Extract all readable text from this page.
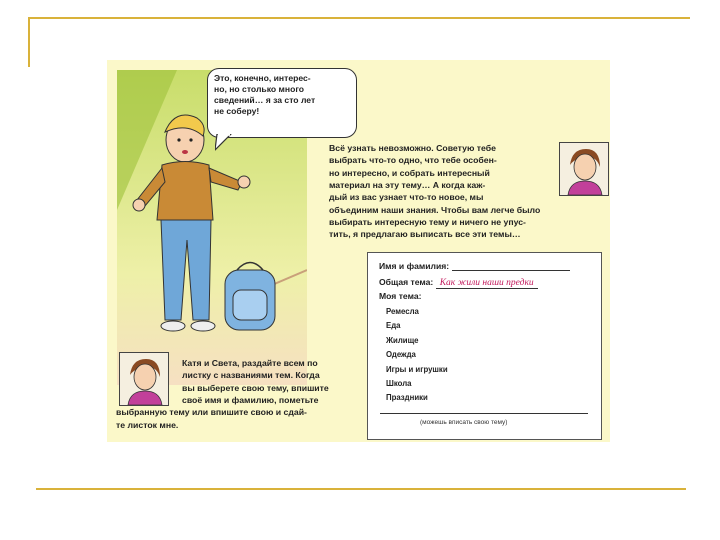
Это, конечно, интерес-
но, но столько много
сведений… я за сто лет
не соберу!
Всё узнать невозможно. Советую тебе
выбрать что-то одно, что тебе особен-
но интересно, и собрать интересный
материал на эту тему… А когда каж-
дый из вас узнает что-то новое, мы
объединим наши знания. Чтобы вам легче было
выбирать интересную тему и ничего не упус-
тить, я предлагаю выписать все эти темы…
Катя и Света, раздайте всем по
листку с названиями тем. Когда
вы выберете свою тему, впишите
своё имя и фамилию, пометьте
выбранную тему или впишите свою и сдай-
те листок мне.
Имя и фамилия:
Общая тема: Как жили наши предки
Моя тема:
Ремесла
Еда
Жилище
Одежда
Игры и игрушки
Школа
Праздники
(можешь вписать свою тему)
